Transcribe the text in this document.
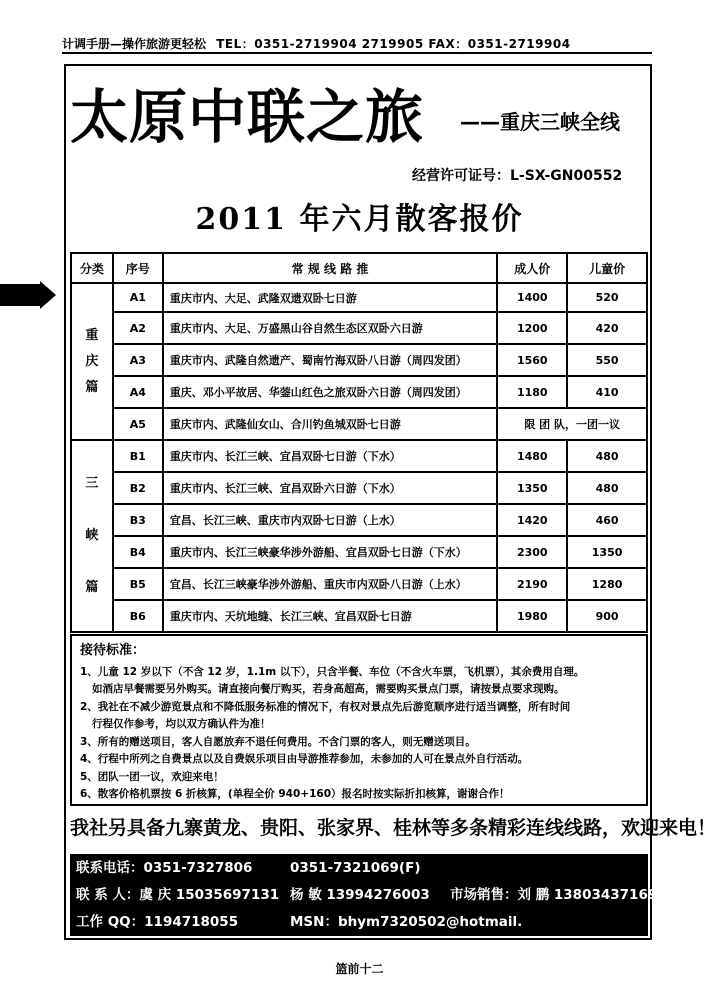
计调手册—操作旅游更轻松 TEL：0351-2719904 2719905 FAX：0351-2719904
太原中联之旅 ——重庆三峡全线
经营许可证号：L-SX-GN00552
2011 年六月散客报价
分类	序号	常 规 线 路 推	成人价	儿童价

重
庆
篇	A1	重庆市内、大足、武隆双遗双卧七日游	1400	520
	A2	重庆市内、大足、万盛黑山谷自然生态区双卧六日游	1200	420
	A3	重庆市内、武隆自然遗产、蜀南竹海双卧八日游（周四发团）	1560	550
	A4	重庆、邓小平故居、华蓥山红色之旅双卧六日游（周四发团）	1180	410
	A5	重庆市内、武隆仙女山、合川钓鱼城双卧七日游	限 团 队，一团一议	

三
峡
篇	B1	重庆市内、长江三峡、宜昌双卧七日游（下水）	1480	480
	B2	重庆市内、长江三峡、宜昌双卧六日游（下水）	1350	480
	B3	宜昌、长江三峡、重庆市内双卧七日游（上水）	1420	460
	B4	重庆市内、长江三峡豪华涉外游船、宜昌双卧七日游（下水）	2300	1350
	B5	宜昌、长江三峡豪华涉外游船、重庆市内双卧八日游（上水）	2190	1280
	B6	重庆市内、天坑地缝、长江三峡、宜昌双卧七日游	1980	900
接待标准：
1、儿童 12 岁以下（不含 12 岁，1.1m 以下），只含半餐、车位（不含火车票，飞机票），其余费用自理。
如酒店早餐需要另外购买。请直接向餐厅购买，若身高超高，需要购买景点门票，请按景点要求现购。
2、我社在不减少游览景点和不降低服务标准的情况下，有权对景点先后游览顺序进行适当调整，所有时间
行程仅作参考，均以双方确认件为准！
3、所有的赠送项目，客人自愿放弃不退任何费用。不含门票的客人，则无赠送项目。
4、行程中所列之自费景点以及自费娱乐项目由导游推荐参加，未参加的人可在景点外自行活动。
5、团队一团一议，欢迎来电！
6、散客价格机票按 6 折核算，(单程全价 940+160）报名时按实际折扣核算，谢谢合作！
我社另具备九寨黄龙、贵阳、张家界、桂林等多条精彩连线线路，欢迎来电！
联系电话：0351-7327806	0351-7321069(F)
联 系 人：虞 庆 15035697131 杨 敏 13994276003 市场销售：刘 鹏 13803437169
工作 QQ：1194718055	MSN：bhym7320502@hotmail.
篮前十二
